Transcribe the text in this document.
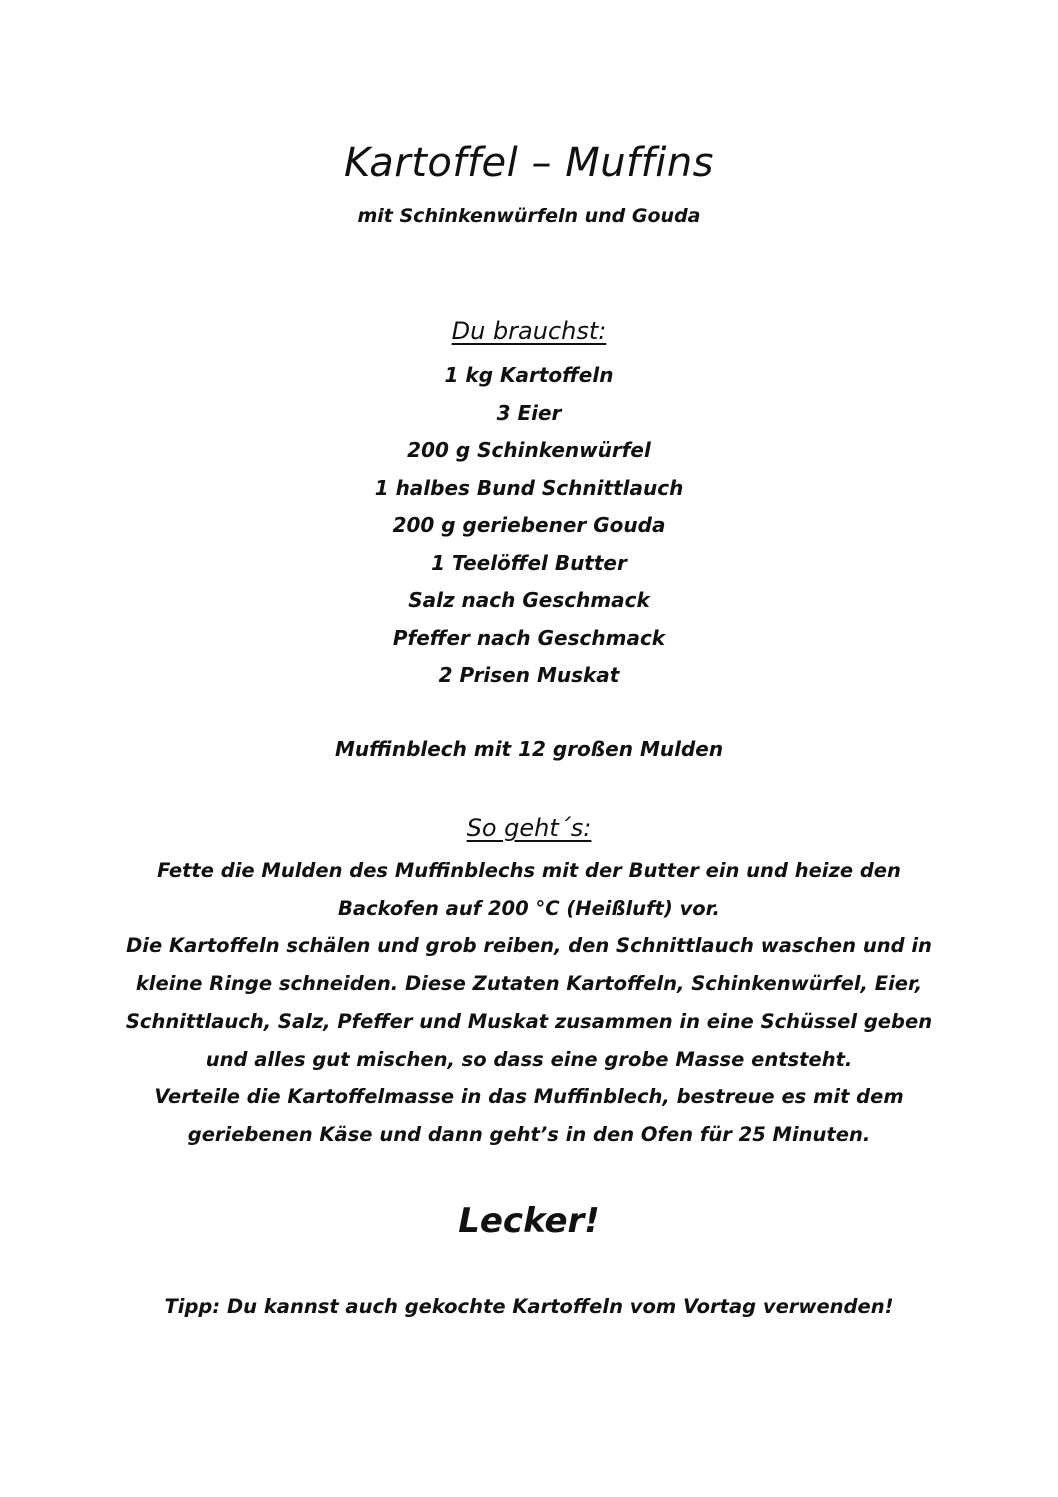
Kartoffel – Muffins
mit Schinkenwürfeln und Gouda
Du brauchst:
1 kg Kartoffeln
3 Eier
200 g Schinkenwürfel
1 halbes Bund Schnittlauch
200 g geriebener Gouda
1 Teelöffel Butter
Salz nach Geschmack
Pfeffer nach Geschmack
2 Prisen Muskat
Muffinblech mit 12 großen Mulden
So geht´s:

Fette die Mulden des Muffinblechs mit der Butter ein und heize den Backofen auf 200 °C (Heißluft) vor.

Die Kartoffeln schälen und grob reiben, den Schnittlauch waschen und in kleine Ringe schneiden. Diese Zutaten Kartoffeln, Schinkenwürfel, Eier, Schnittlauch, Salz, Pfeffer und Muskat zusammen in eine Schüssel geben und alles gut mischen, so dass eine grobe Masse entsteht.

Verteile die Kartoffelmasse in das Muffinblech, bestreue es mit dem geriebenen Käse und dann geht’s in den Ofen für 25 Minuten.

Lecker!
Tipp: Du kannst auch gekochte Kartoffeln vom Vortag verwenden!
